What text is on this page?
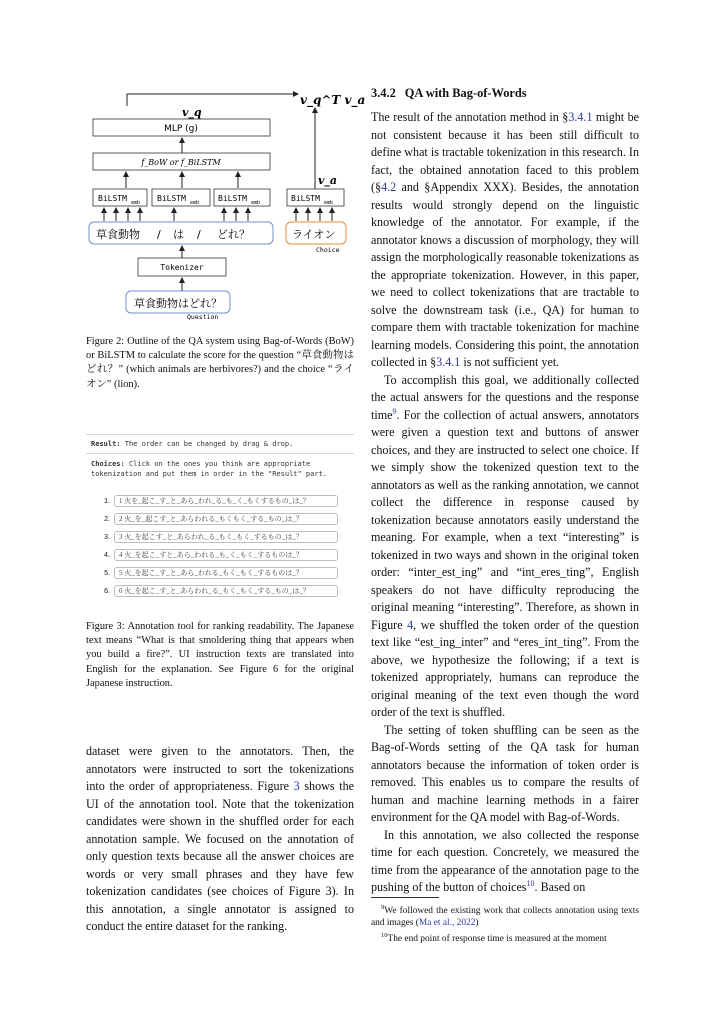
v_q^T v_a
v_q
MLP (g)
f_BoW or f_BiLSTM
BiLSTM emb BiLSTM emb BiLSTM emb	BiLSTM emb
v_a
草食動物 / は / どれ？	ライオン
Choice
Tokenizer
草食動物はどれ？
Question

Figure 2: Outline of the QA system using Bag-of-Words (BoW) or BiLSTM to calculate the score for the question “草食動物はどれ？” (which animals are herbivores?) and the choice “ライオン” (lion).

Result: The order can be changed by drag & drop.
Choices: Click on the ones you think are appropriate tokenization and put them in order in the "Result" part.
1.	1 火を_起こ_す_と_あら_われ_る_も_く_もくするもの_は_？
2.	2 火_を_起こす_と_あらわれる_もくもく_する_もの_は_？
3.	3 火_を起こす_と_あらわれ_る_もく_もく_するもの_は_？
4.	4 火_を起こ_すと_あら_われる_も_く_もく_するものは_？
5.	5 火_を起こ_す_と_あら_われる_もく_もく_するものは_？
6.	6 火_を起こ_す_と_あらわれ_る_もく_もく_する_もの_は_？

Figure 3: Annotation tool for ranking readability. The Japanese text means “What is that smoldering thing that appears when you build a fire?”. UI instruction texts are translated into English for the explanation. See Figure 6 for the original Japanese instruction.

dataset were given to the annotators. Then, the annotators were instructed to sort the tokenizations into the order of appropriateness. Figure 3 shows the UI of the annotation tool. Note that the tokenization candidates were shown in the shuffled order for each annotation sample. We focused on the annotation of only question texts because all the answer choices are words or very small phrases and they have few tokenization candidates (see choices of Figure 3). In this annotation, a single annotator is assigned to conduct the entire dataset for the ranking.

3.4.2 QA with Bag-of-Words

The result of the annotation method in §3.4.1 might be not consistent because it has been still difficult to define what is tractable tokenization in this research. In fact, the obtained annotation faced to this problem (§4.2 and §Appendix XXX). Besides, the annotation results would strongly depend on the linguistic knowledge of the annotator. For example, if the annotator knows a discussion of morphology, they will assign the morphologically reasonable tokenizations as the appropriate tokenization. However, in this paper, we need to collect tokenizations that are tractable to solve the downstream task (i.e., QA) for human to compare them with tractable tokenization for machine learning models. Considering this point, the annotation collected in §3.4.1 is not sufficient yet.

To accomplish this goal, we additionally collected the actual answers for the questions and the response time$^9$. For the collection of actual answers, annotators were given a question text and buttons of answer choices, and they are instructed to select one choice. If we simply show the tokenized question text to the annotators as well as the ranking annotation, we cannot collect the difference in response caused by tokenization because annotators easily understand the meaning. For example, when a text “interesting” is tokenized in two ways and shown in the original token order: “inter_est_ing” and “int_eres_ting”, English speakers do not have difficulty reproducing the original meaning “interesting”. Therefore, as shown in Figure 4, we shuffled the token order of the question text like “est_ing_inter” and “eres_int_ting”. From the above, we hypothesize the following; if a text is tokenized appropriately, humans can reproduce the original meaning of the text even though the word order of the text is shuffled.

The setting of token shuffling can be seen as the Bag-of-Words setting of the QA task for human annotators because the information of token order is removed. This enables us to compare the results of human and machine learning methods in a fairer environment for the QA model with Bag-of-Words.

In this annotation, we also collected the response time for each question. Concretely, we measured the time from the appearance of the annotation page to the pushing of the button of choices$^{10}$. Based on

$^9$We followed the existing work that collects annotation using texts and images (Ma et al., 2022)

$^{10}$The end point of response time is measured at the moment
